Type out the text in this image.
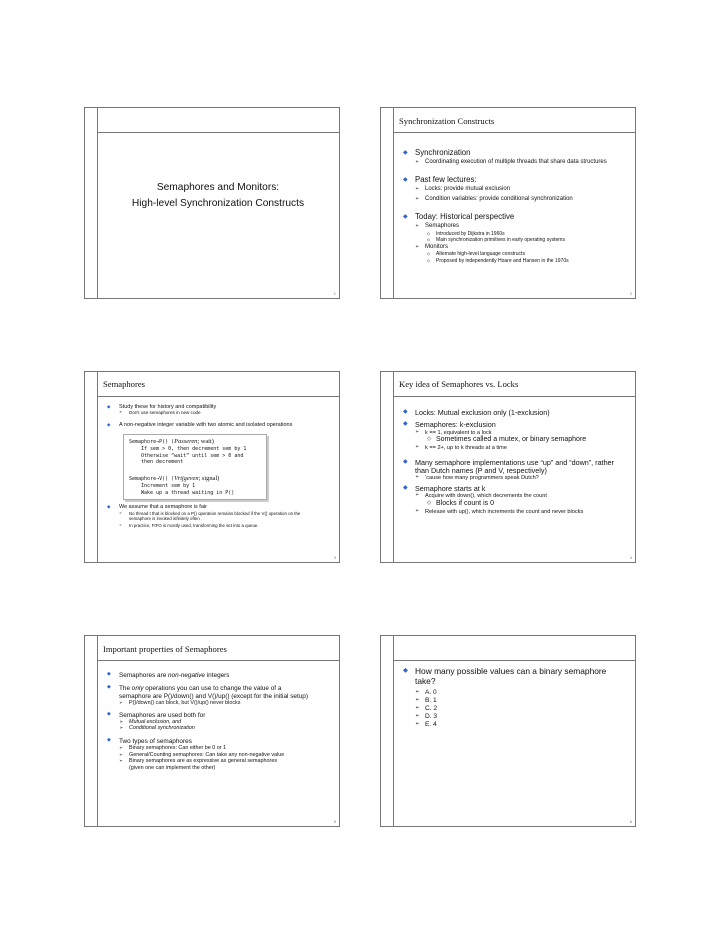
Semaphores and Monitors:
High-level Synchronization Constructs
1
Synchronization Constructs
◆ Synchronization
➢ Coordinating execution of multiple threads that share data structures
◆ Past few lectures:
➢ Locks: provide mutual exclusion
➢ Condition variables: provide conditional synchronization
◆ Today: Historical perspective
➢ Semaphores
◇ Introduced by Dijkstra in 1960s
◇ Main synchronization primitives in early operating systems
➢ Monitors
◇ Alternate high-level language constructs
◇ Proposed by independently Hoare and Hansen in the 1970s
2
Semaphores
◆ Study these for history and compatibility
➢ Don't use semaphores in new code
◆ A non-negative integer variable with two atomic and isolated operations
Semaphore→P() (Passeren; wait)
If sem > 0, then decrement sem by 1
Otherwise “wait” until sem > 0 and
then decrement
Semaphore→V() (Vrijgeven; signal)
Increment sem by 1
Wake up a thread waiting in P()
◆ We assume that a semaphore is fair
➢ No thread t that is blocked on a P() operation remains blocked if the V() operation on the semaphore is invoked infinitely often
➢ In practice, FIFO is mostly used, transforming the set into a queue.
3
Key idea of Semaphores vs. Locks
◆ Locks: Mutual exclusion only (1-exclusion)
◆ Semaphores: k-exclusion
➢ k == 1, equivalent to a lock
◇ Sometimes called a mutex, or binary semaphore
➢ k == 2+, up to k threads at a time
◆ Many semaphore implementations use “up” and “down”, rather than Dutch names (P and V, respectively)
➢ ‘cause how many programmers speak Dutch?
◆ Semaphore starts at k
➢ Acquire with down(), which decrements the count
◇ Blocks if count is 0
➢ Release with up(), which increments the count and never blocks
4
Important properties of Semaphores
◆ Semaphores are non-negative integers
◆ The only operations you can use to change the value of a semaphore are P()/down() and V()/up() (except for the initial setup)
➢ P()/down() can block, but V()/up() never blocks
◆ Semaphores are used both for
➢ Mutual exclusion, and
➢ Conditional synchronization
◆ Two types of semaphores
➢ Binary semaphores: Can either be 0 or 1
➢ General/Counting semaphores: Can take any non-negative value
➢ Binary semaphores are as expressive as general semaphores (given one can implement the other)
5
◆ How many possible values can a binary semaphore take?
➢ A. 0
➢ B. 1
➢ C. 2
➢ D. 3
➢ E. 4
6
